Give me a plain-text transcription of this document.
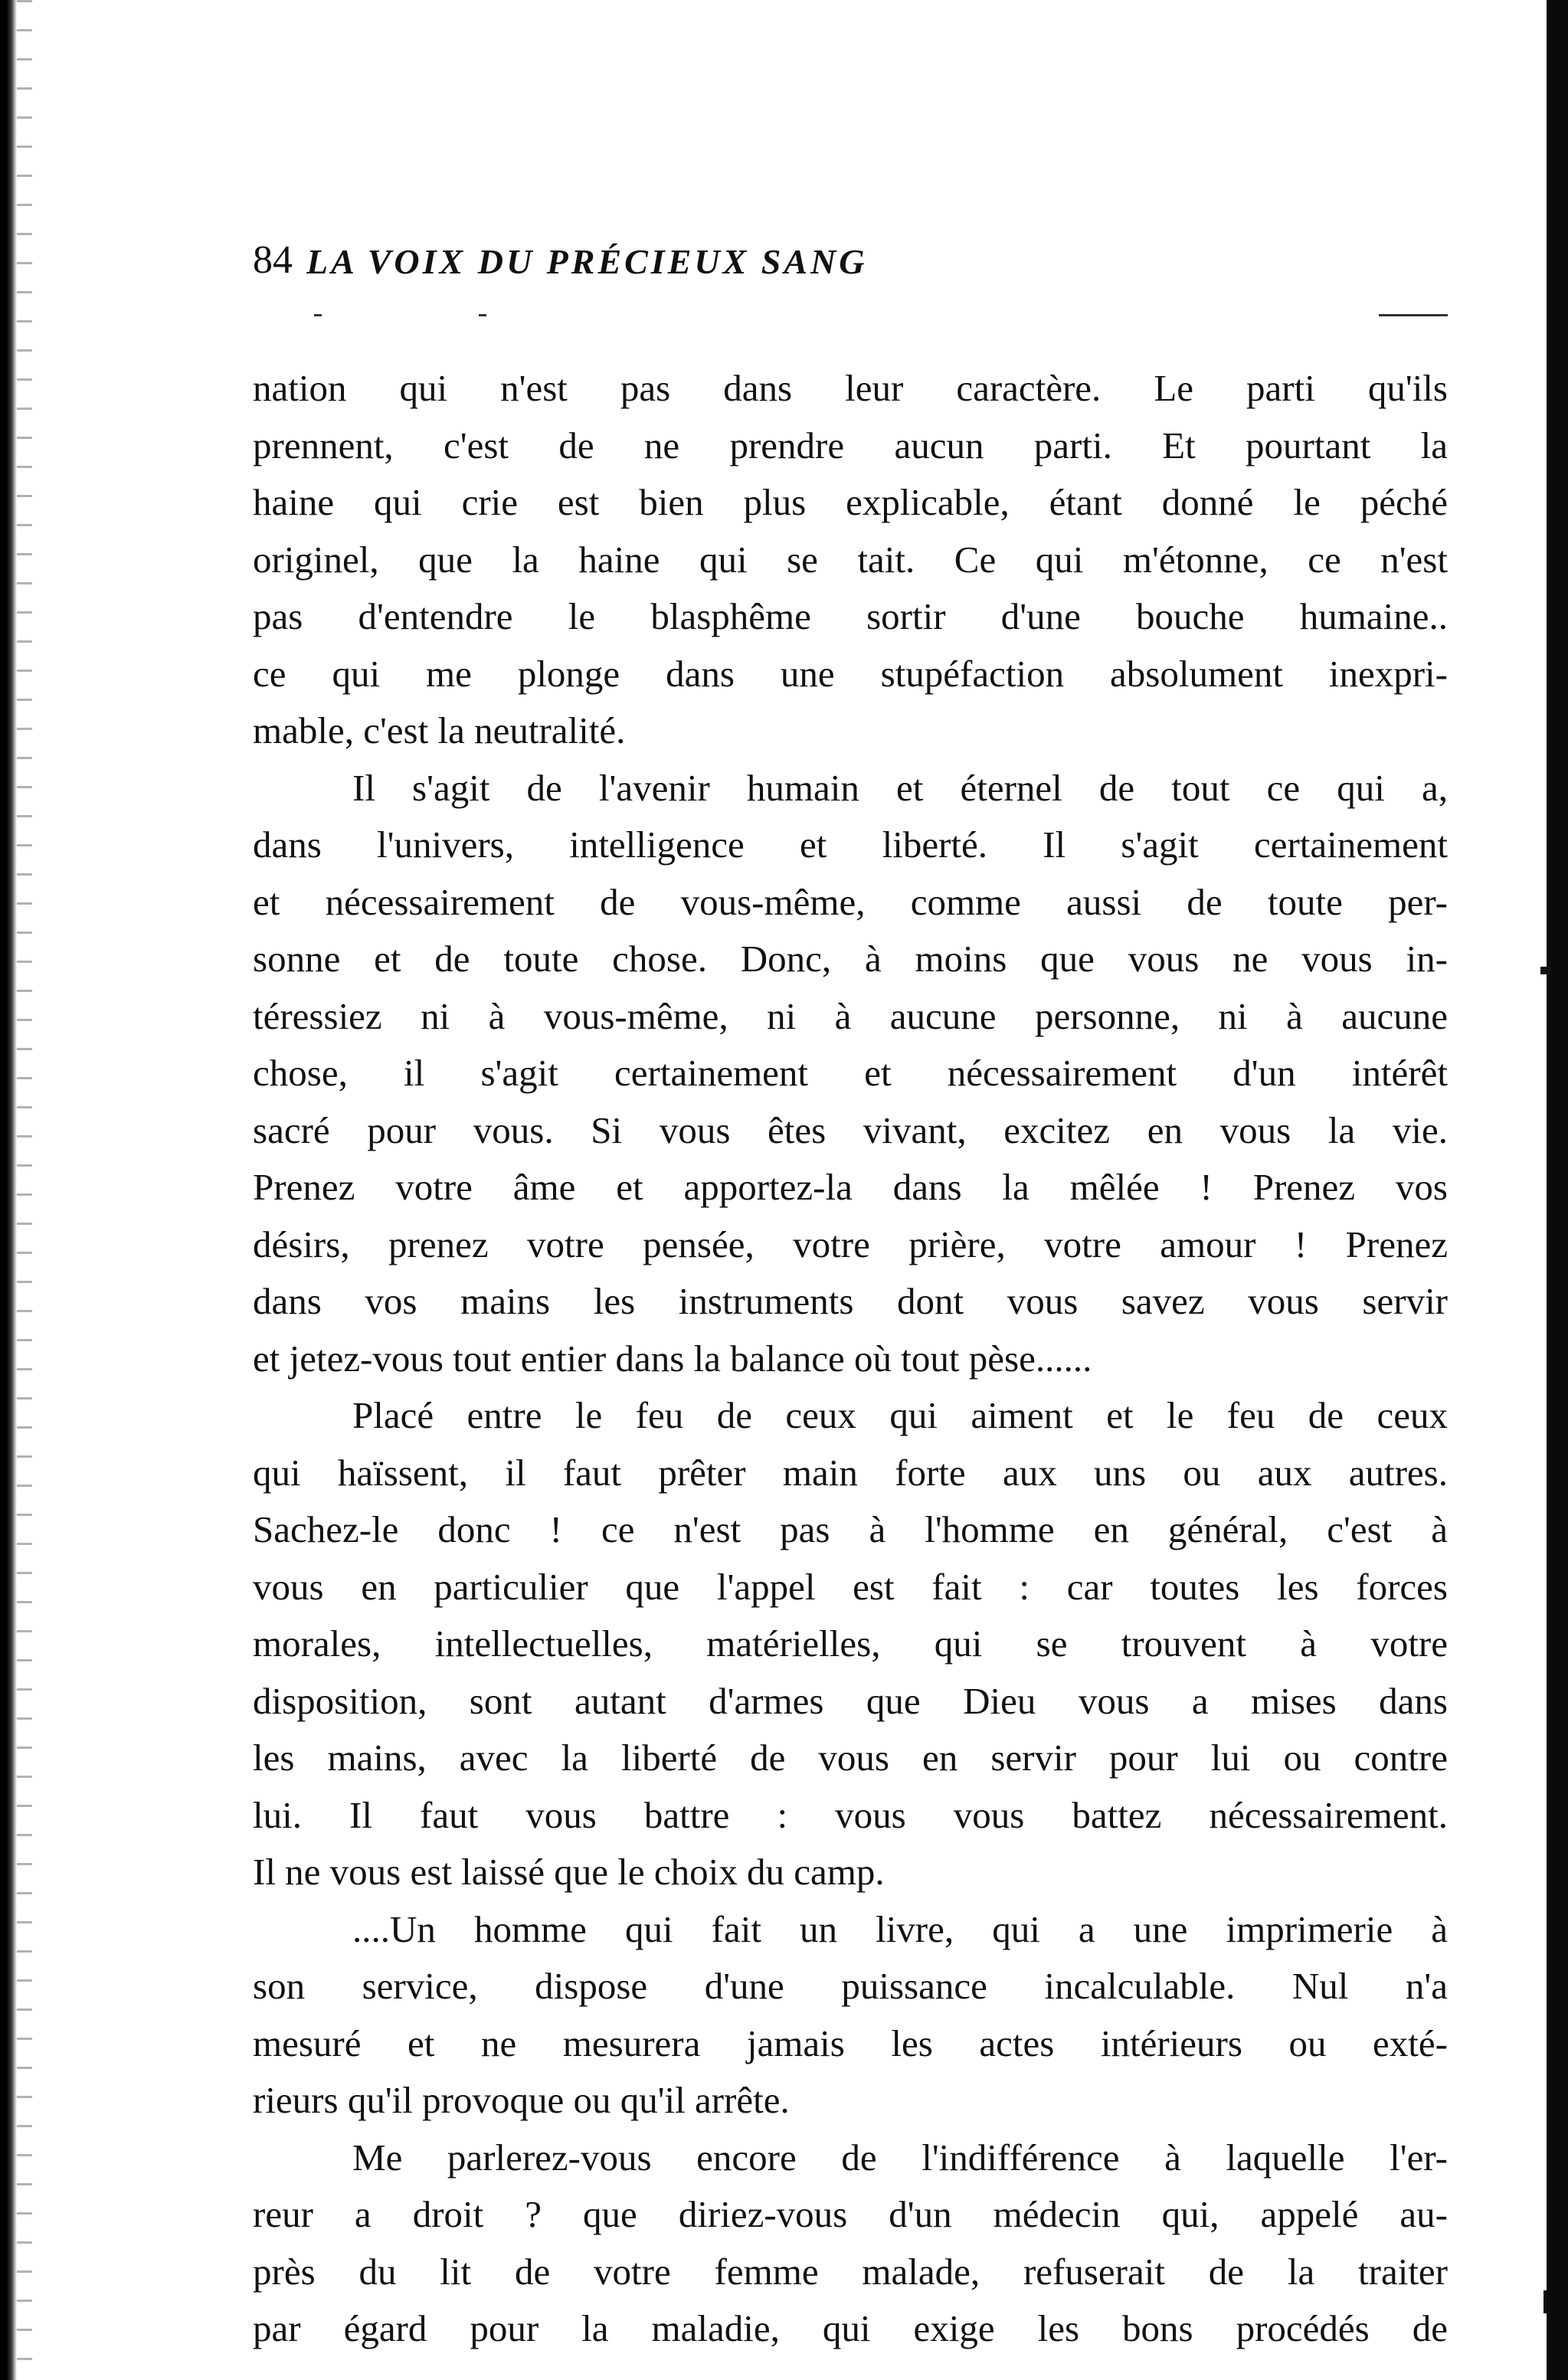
84 LA VOIX DU PRÉCIEUX SANG
nation qui n'est pas dans leur caractère. Le parti qu'ils
prennent, c'est de ne prendre aucun parti. Et pourtant la
haine qui crie est bien plus explicable, étant donné le péché
originel, que la haine qui se tait. Ce qui m'étonne, ce n'est
pas d'entendre le blasphême sortir d'une bouche humaine..
ce qui me plonge dans une stupéfaction absolument inexpri-
mable, c'est la neutralité.
Il s'agit de l'avenir humain et éternel de tout ce qui a,
dans l'univers, intelligence et liberté. Il s'agit certainement
et nécessairement de vous-même, comme aussi de toute per-
sonne et de toute chose. Donc, à moins que vous ne vous in-
téressiez ni à vous-même, ni à aucune personne, ni à aucune
chose, il s'agit certainement et nécessairement d'un intérêt
sacré pour vous. Si vous êtes vivant, excitez en vous la vie.
Prenez votre âme et apportez-la dans la mêlée ! Prenez vos
désirs, prenez votre pensée, votre prière, votre amour ! Prenez
dans vos mains les instruments dont vous savez vous servir
et jetez-vous tout entier dans la balance où tout pèse......
Placé entre le feu de ceux qui aiment et le feu de ceux
qui haïssent, il faut prêter main forte aux uns ou aux autres.
Sachez-le donc ! ce n'est pas à l'homme en général, c'est à
vous en particulier que l'appel est fait : car toutes les forces
morales, intellectuelles, matérielles, qui se trouvent à votre
disposition, sont autant d'armes que Dieu vous a mises dans
les mains, avec la liberté de vous en servir pour lui ou contre
lui. Il faut vous battre : vous vous battez nécessairement.
Il ne vous est laissé que le choix du camp.
....Un homme qui fait un livre, qui a une imprimerie à
son service, dispose d'une puissance incalculable. Nul n'a
mesuré et ne mesurera jamais les actes intérieurs ou exté-
rieurs qu'il provoque ou qu'il arrête.
Me parlerez-vous encore de l'indifférence à laquelle l'er-
reur a droit ? que diriez-vous d'un médecin qui, appelé au-
près du lit de votre femme malade, refuserait de la traiter
par égard pour la maladie, qui exige les bons procédés de
